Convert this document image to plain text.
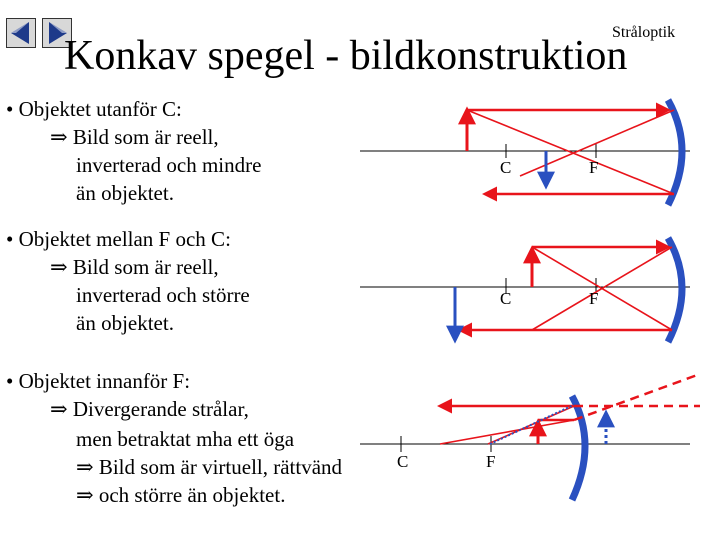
Stråloptik
Konkav spegel - bildkonstruktion
• Objektet utanför C:
⇒ Bild som är reell,
inverterad och mindre
än objektet.
• Objektet mellan F och C:
⇒ Bild som är reell,
inverterad och större
än objektet.
• Objektet innanför F:
⇒ Divergerande strålar,
men betraktat mha ett öga
⇒ Bild som är virtuell, rättvänd
⇒ och större än objektet.
C	F
C	F
C	F
